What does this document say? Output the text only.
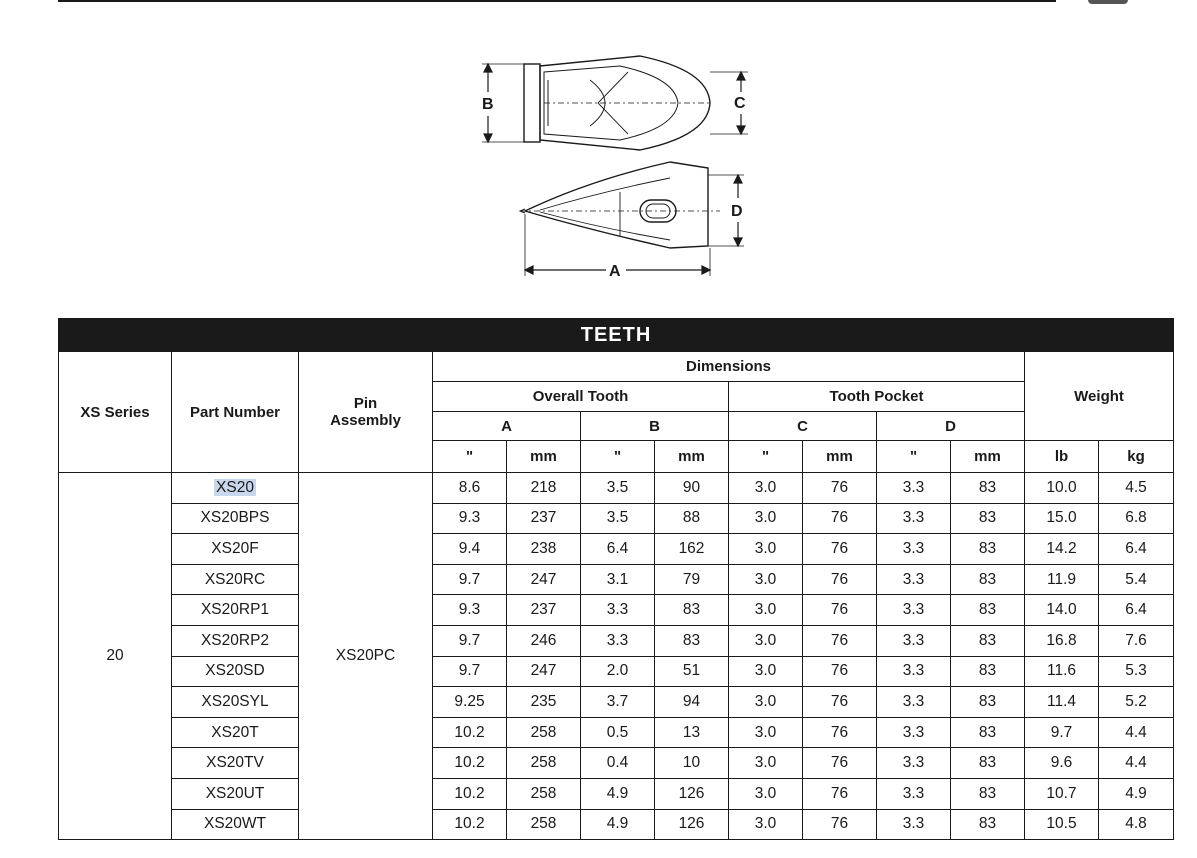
B	C
D
A
TEETH												
XS Series	Part Number	Pin
Assembly	Dimensions								Weight	
			Overall Tooth				Tooth Pocket					
			A		B		C		D			
			"	mm	"	mm	"	mm	"	mm	lb	kg
20	XS20	XS20PC	8.6	218	3.5	90	3.0	76	3.3	83	10.0	4.5
	XS20BPS		9.3	237	3.5	88	3.0	76	3.3	83	15.0	6.8
	XS20F		9.4	238	6.4	162	3.0	76	3.3	83	14.2	6.4
	XS20RC		9.7	247	3.1	79	3.0	76	3.3	83	11.9	5.4
	XS20RP1		9.3	237	3.3	83	3.0	76	3.3	83	14.0	6.4
	XS20RP2		9.7	246	3.3	83	3.0	76	3.3	83	16.8	7.6
	XS20SD		9.7	247	2.0	51	3.0	76	3.3	83	11.6	5.3
	XS20SYL		9.25	235	3.7	94	3.0	76	3.3	83	11.4	5.2
	XS20T		10.2	258	0.5	13	3.0	76	3.3	83	9.7	4.4
	XS20TV		10.2	258	0.4	10	3.0	76	3.3	83	9.6	4.4
	XS20UT		10.2	258	4.9	126	3.0	76	3.3	83	10.7	4.9
	XS20WT		10.2	258	4.9	126	3.0	76	3.3	83	10.5	4.8
